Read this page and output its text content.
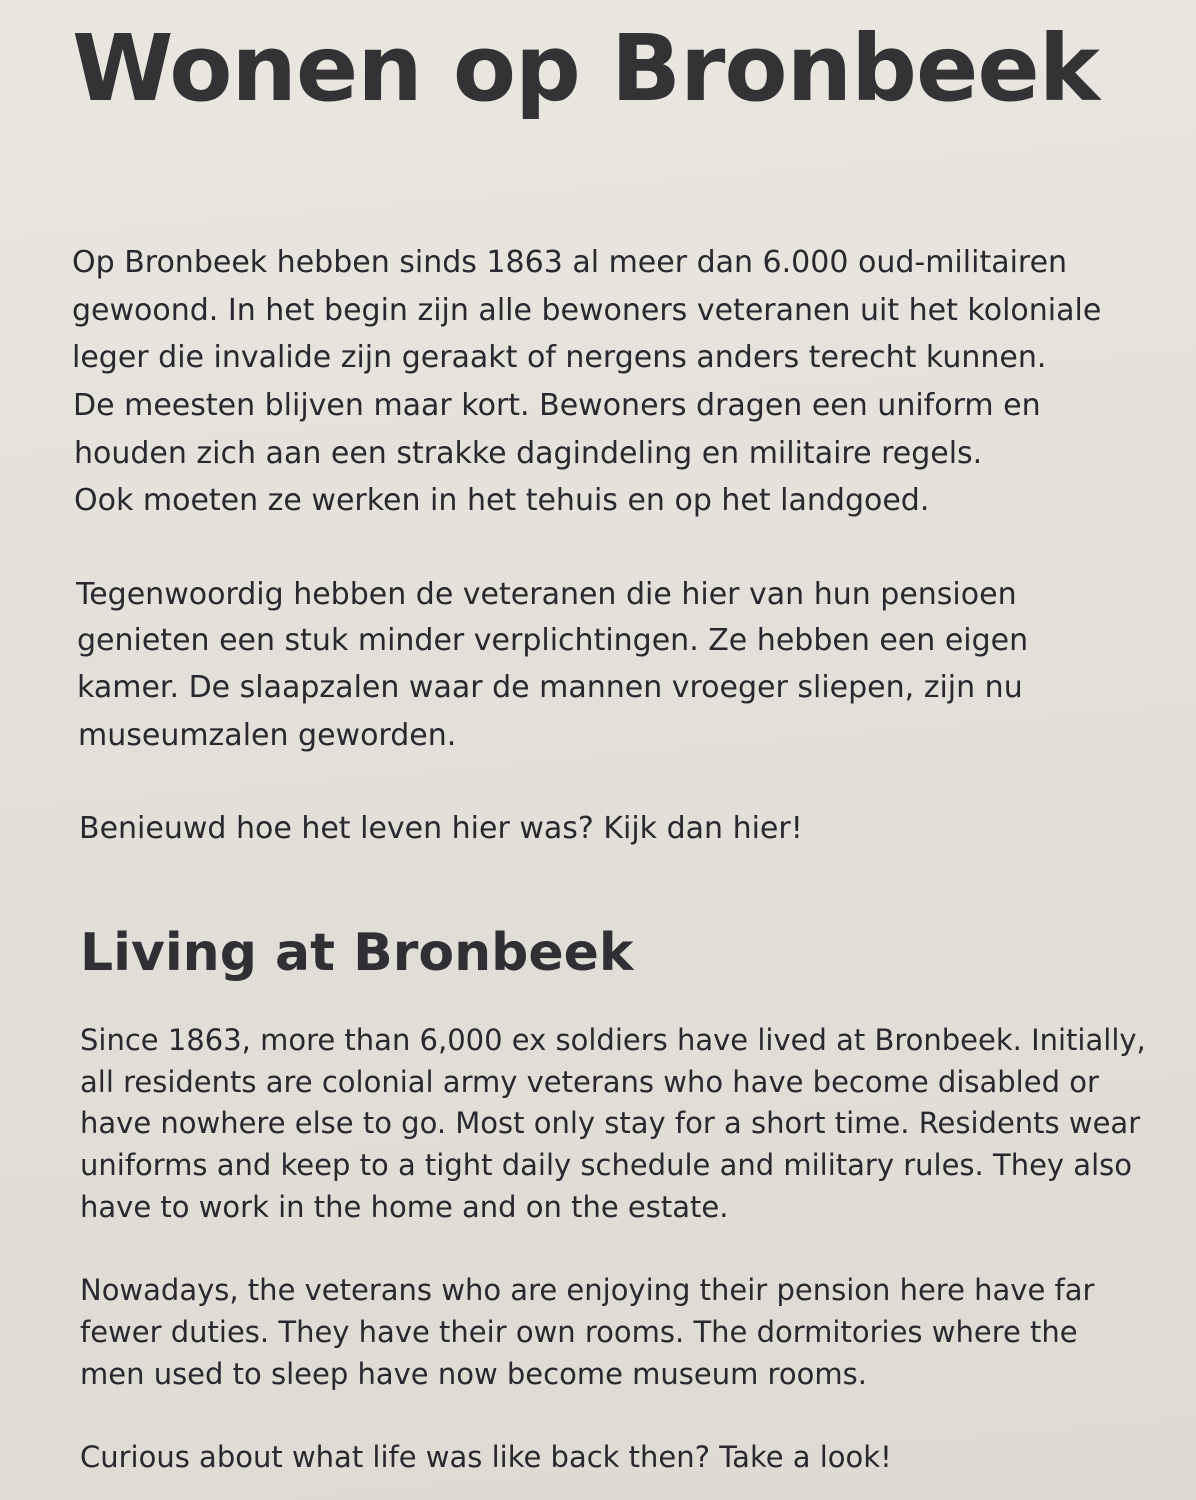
Wonen op Bronbeek

Op Bronbeek hebben sinds 1863 al meer dan 6.000 oud-militairen

gewoond. In het begin zijn alle bewoners veteranen uit het koloniale

leger die invalide zijn geraakt of nergens anders terecht kunnen.

De meesten blijven maar kort. Bewoners dragen een uniform en

houden zich aan een strakke dagindeling en militaire regels.

Ook moeten ze werken in het tehuis en op het landgoed.

Tegenwoordig hebben de veteranen die hier van hun pensioen

genieten een stuk minder verplichtingen. Ze hebben een eigen

kamer. De slaapzalen waar de mannen vroeger sliepen, zijn nu

museumzalen geworden.

Benieuwd hoe het leven hier was? Kijk dan hier!

Living at Bronbeek

Since 1863, more than 6,000 ex soldiers have lived at Bronbeek. Initially,

all residents are colonial army veterans who have become disabled or

have nowhere else to go. Most only stay for a short time. Residents wear

uniforms and keep to a tight daily schedule and military rules. They also

have to work in the home and on the estate.

Nowadays, the veterans who are enjoying their pension here have far

fewer duties. They have their own rooms. The dormitories where the

men used to sleep have now become museum rooms.

Curious about what life was like back then? Take a look!
